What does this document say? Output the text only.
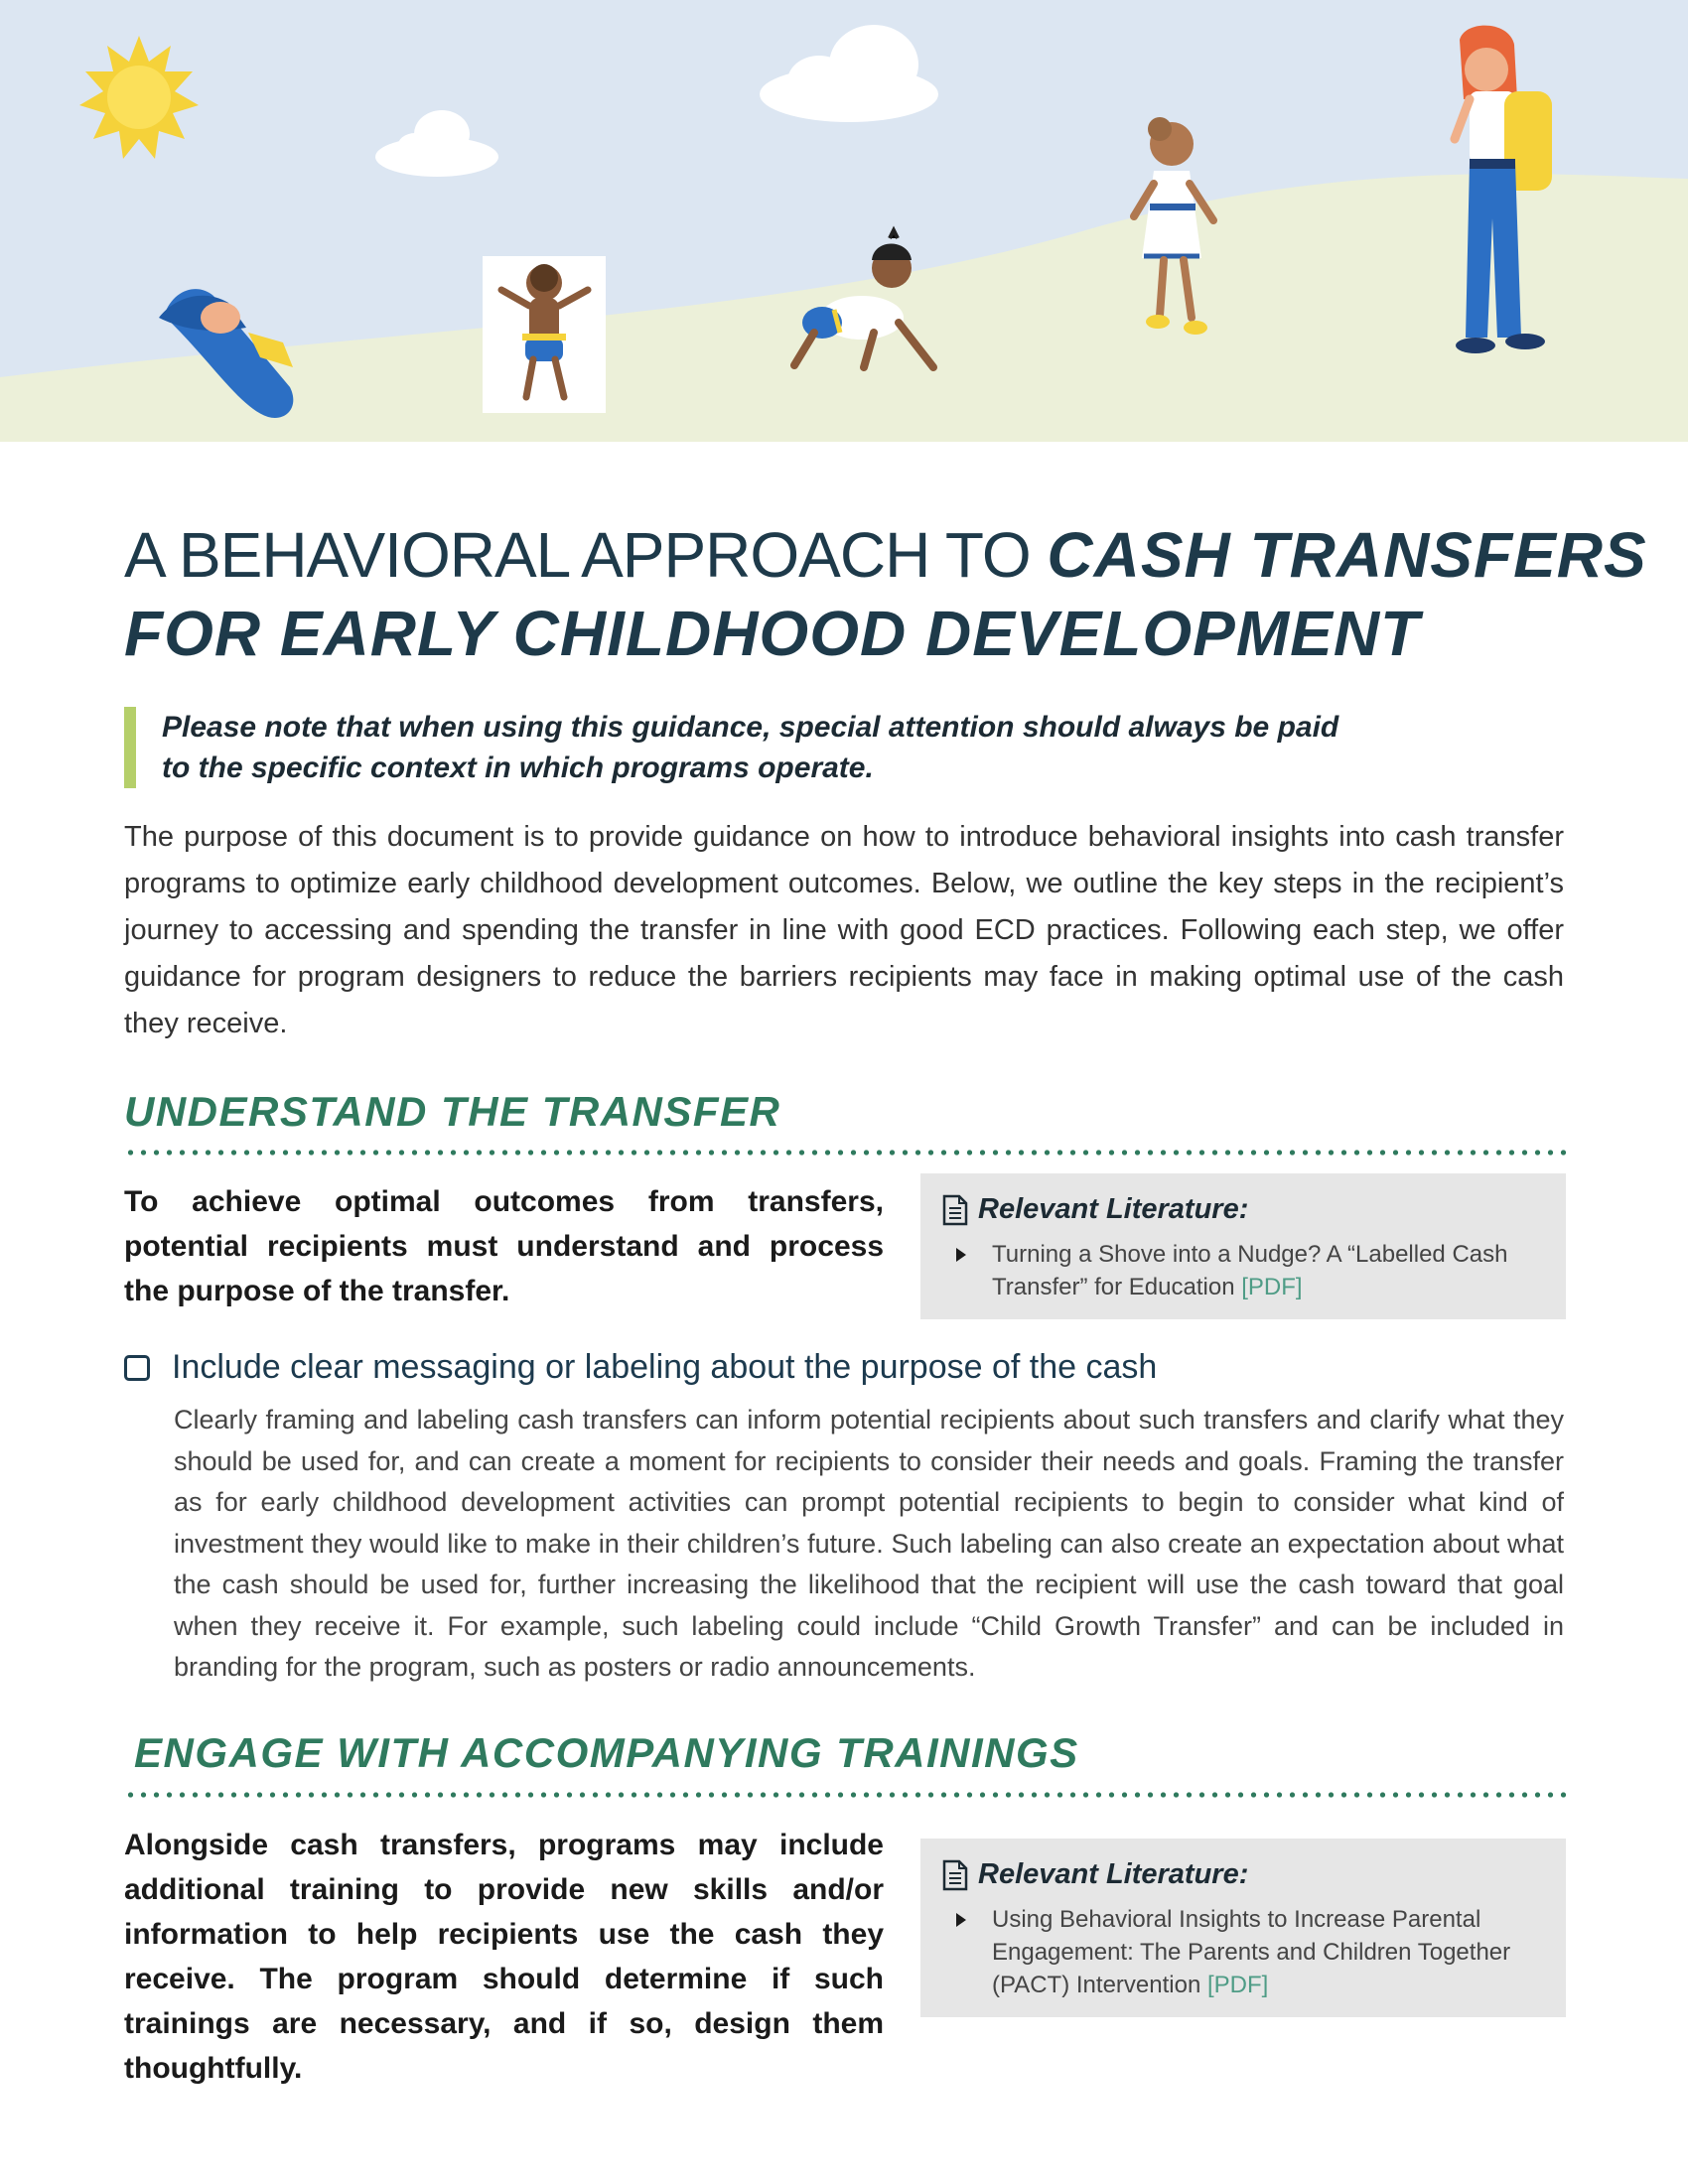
A BEHAVIORAL APPROACH TO CASH TRANSFERS
FOR EARLY CHILDHOOD DEVELOPMENT

Please note that when using this guidance, special attention should always be paid

to the specific context in which programs operate.

The purpose of this document is to provide guidance on how to introduce behavioral insights into cash transfer programs to optimize early childhood development outcomes. Below, we outline the key steps in the recipient’s journey to accessing and spending the transfer in line with good ECD practices. Following each step, we offer guidance for program designers to reduce the barriers recipients may face in making optimal use of the cash they receive.

UNDERSTAND THE TRANSFER

To achieve optimal outcomes from transfers, potential recipients must understand and process the purpose of the transfer.

Relevant Literature:
Turning a Shove into a Nudge? A “Labelled Cash Transfer” for Education [PDF]
Include clear messaging or labeling about the purpose of the cash

Clearly framing and labeling cash transfers can inform potential recipients about such transfers and clarify what they should be used for, and can create a moment for recipients to consider their needs and goals. Framing the transfer as for early childhood development activities can prompt potential recipients to begin to consider what kind of investment they would like to make in their children’s future. Such labeling can also create an expectation about what the cash should be used for, further increasing the likelihood that the recipient will use the cash toward that goal when they receive it. For example, such labeling could include “Child Growth Transfer” and can be included in branding for the program, such as posters or radio announcements.

ENGAGE WITH ACCOMPANYING TRAININGS

Alongside cash transfers, programs may include additional training to provide new skills and/or information to help recipients use the cash they receive. The program should determine if such trainings are necessary, and if so, design them thoughtfully.

Relevant Literature:
Using Behavioral Insights to Increase Parental Engagement: The Parents and Children Together (PACT) Intervention [PDF]
